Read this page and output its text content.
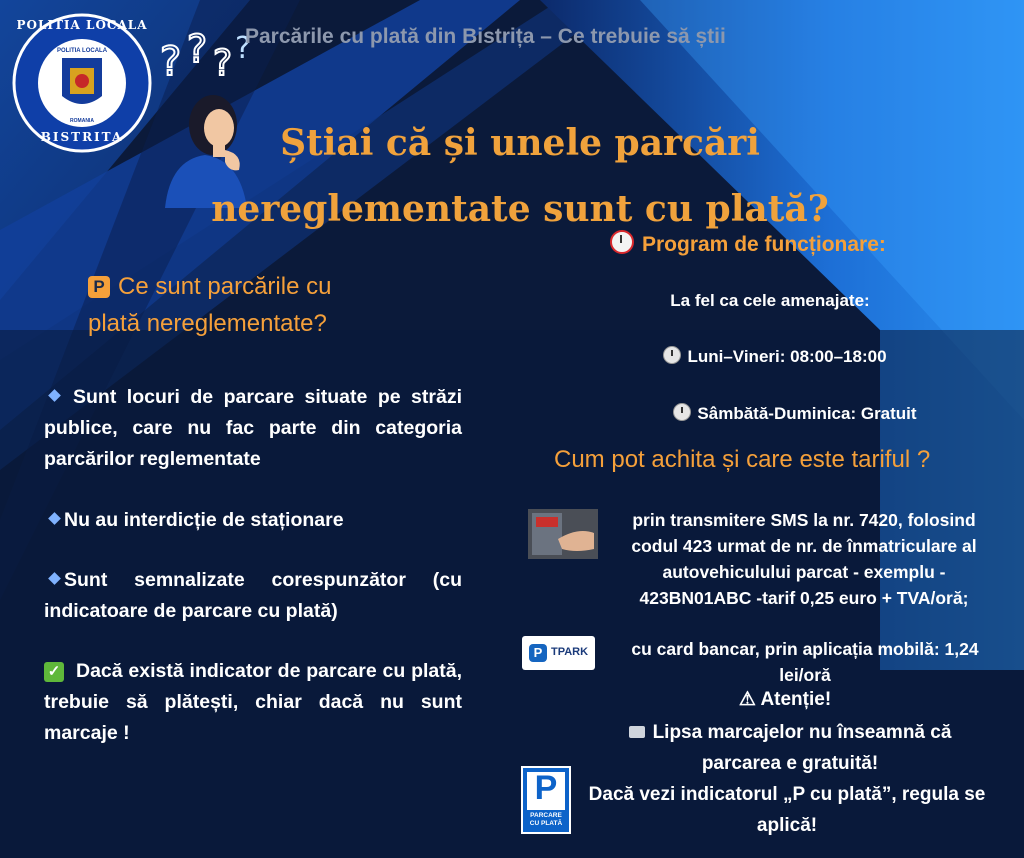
POLITIA LOCALA
BISTRITA
POLITIA LOCALA
ROMANIA
? ? ? ?
Parcările cu plată din Bistrița – Ce trebuie să știi
Știai că și unele parcări
nereglementate sunt cu plată?
P Ce sunt parcările cu
plată nereglementate?
Sunt locuri de parcare situate pe străzi publice, care nu fac parte din categoria parcărilor reglementate
Nu au interdicție de staționare
Sunt semnalizate corespunzător (cu indicatoare de parcare cu plată)
✓ Dacă există indicator de parcare cu plată, trebuie să plătești, chiar dacă nu sunt marcaje !
Program de funcționare:
La fel ca cele amenajate:
Luni–Vineri: 08:00–18:00
Sâmbătă-Duminica: Gratuit
Cum pot achita și care este tariful ?
prin transmitere SMS la nr. 7420, folosind codul 423 urmat de nr. de înmatriculare al autovehiculului parcat - exemplu - 423BN01ABC -tarif 0,25 euro + TVA/oră;
P TPARK	cu card bancar, prin aplicația mobilă: 1,24 lei/oră
⚠ Atenție!
Lipsa marcajelor nu înseamnă că parcarea e gratuită!
Dacă vezi indicatorul „P cu plată”, regula se aplică!
P
PARCARE
CU PLATĂ
